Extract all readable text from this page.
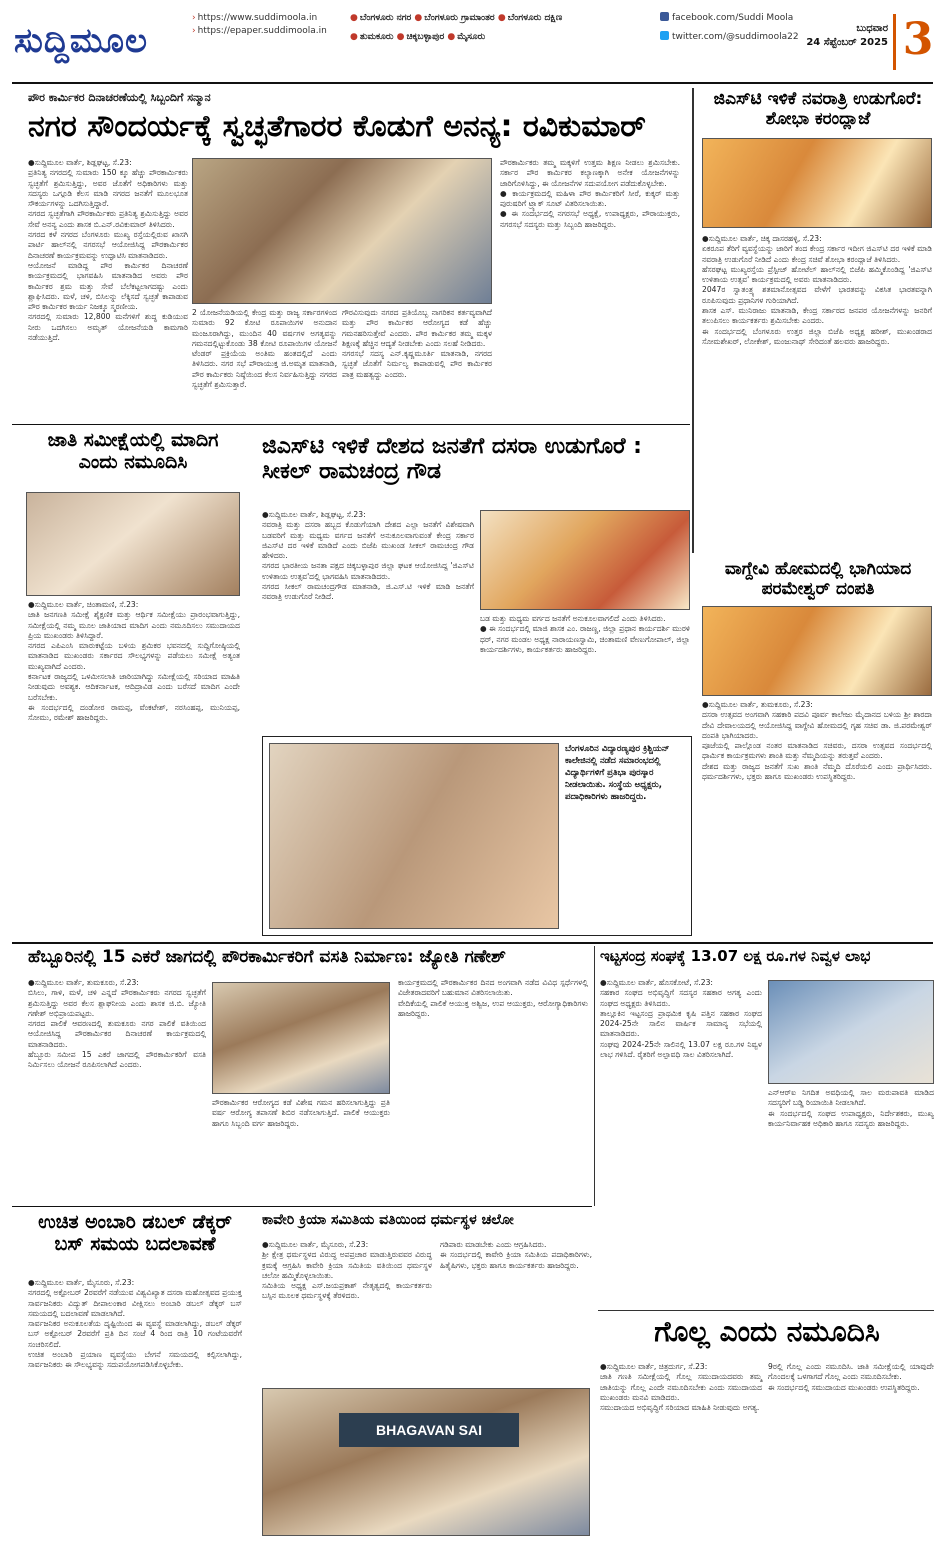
ಸುದ್ದಿಮೂಲ
› https://www.suddimoola.in
› https://epaper.suddimoola.in
● ಬೆಂಗಳೂರು ನಗರ ● ಬೆಂಗಳೂರು ಗ್ರಾಮಾಂತರ ● ಬೆಂಗಳೂರು ದಕ್ಷಿಣ
● ತುಮಕೂರು ● ಚಿಕ್ಕಬಳ್ಳಾಪುರ ● ಮೈಸೂರು
facebook.com/Suddi Moola
twitter.com/@suddimoola22
ಬುಧವಾರ
24 ಸೆಪ್ಟೆಂಬರ್ 2025 3
ಪೌರ ಕಾರ್ಮಿಕರ ದಿನಾಚರಣೆಯಲ್ಲಿ ಸಿಬ್ಬಂದಿಗೆ ಸನ್ಮಾನ
ನಗರ ಸೌಂದರ್ಯಕ್ಕೆ ಸ್ವಚ್ಛತೆಗಾರರ ಕೊಡುಗೆ ಅನನ್ಯ: ರವಿಕುಮಾರ್
●ಸುದ್ದಿಮೂಲ ವಾರ್ತೆ, ಶಿಡ್ಲಘಟ್ಟ, ಸೆ.23:
ಪ್ರತಿನಿತ್ಯ ನಗರದಲ್ಲಿ ಸುಮಾರು 150 ಕ್ಕೂ ಹೆಚ್ಚು ಪೌರಕಾರ್ಮಿಕರು ಸ್ವಚ್ಛತೆಗೆ ಶ್ರಮಿಸುತ್ತಿದ್ದು, ಅವರ ಜೊತೆಗೆ ಅಧಿಕಾರಿಗಳು ಮತ್ತು ಸದಸ್ಯರು ಒಗ್ಗೂಡಿ ಕೆಲಸ ಮಾಡಿ ನಗರದ ಜನತೆಗೆ ಮೂಲಭೂತ ಸೌಕರ್ಯಗಳನ್ನು ಒದಗಿಸುತ್ತಿದ್ದಾರೆ.
ನಗರದ ಸ್ವಚ್ಛತೆಗಾಗಿ ಪೌರಕಾರ್ಮಿಕರು ಪ್ರತಿನಿತ್ಯ ಶ್ರಮಿಸುತ್ತಿದ್ದು ಅವರ ಸೇವೆ ಅನನ್ಯ ಎಂದು ಶಾಸಕ ಬಿ.ಎನ್.ರವಿಕುಮಾರ್ ತಿಳಿಸಿದರು.
ನಗರದ ಕಳೆ ನಗರದ ಬೆಂಗಳೂರು ಮುಖ್ಯ ರಸ್ತೆಯಲ್ಲಿರುವ ಖಾಸಗಿ ಪಾರ್ಟಿ ಹಾಲ್‌ನಲ್ಲಿ ನಗರಸಭೆ ಆಯೋಜಿಸಿದ್ದ ಪೌರಕಾರ್ಮಿಕರ ದಿನಾಚರಣೆ ಕಾರ್ಯಕ್ರಮವನ್ನು ಉದ್ಘಾಟಿಸಿ ಮಾತನಾಡಿದರು.
ಆಯೋಜನೆ ಮಾಡಿದ್ದ ಪೌರ ಕಾರ್ಮಿಕರ ದಿನಾಚರಣೆ ಕಾರ್ಯಕ್ರಮದಲ್ಲಿ ಭಾಗವಹಿಸಿ ಮಾತನಾಡಿದ ಅವರು ಪೌರ ಕಾರ್ಮಿಕರ ಶ್ರಮ ಮತ್ತು ಸೇವೆ ಬೆಲೆಕಟ್ಟಲಾಗದಷ್ಟು ಎಂದು ಶ್ಲಾಘಿಸಿದರು. ಮಳೆ, ಚಳಿ, ಬಿಸಿಲನ್ನು ಲೆಕ್ಕಿಸದೆ ಸ್ವಚ್ಛತೆ ಕಾಪಾಡುವ ಪೌರ ಕಾರ್ಮಿಕರ ಕಾರ್ಯ ನಿಜಕ್ಕೂ ಸ್ಮರಣೀಯ.
ನಗರದಲ್ಲಿ ಸುಮಾರು 12,800 ಮನೆಗಳಿಗೆ ಶುದ್ಧ ಕುಡಿಯುವ ನೀರು ಒದಗಿಸಲು ಅಮೃತ್ ಯೋಜನೆಯಡಿ ಕಾಮಗಾರಿ ನಡೆಯುತ್ತಿದೆ.
2 ಯೋಜನೆಯಡಿಯಲ್ಲಿ ಕೇಂದ್ರ ಮತ್ತು ರಾಜ್ಯ ಸರ್ಕಾರಗಳಿಂದ ಸುಮಾರು 92 ಕೋಟಿ ರೂಪಾಯಿಗಳ ಅನುದಾನ ಮಂಜೂರಾಗಿದ್ದು, ಮುಂದಿನ 40 ವರ್ಷಗಳ ಅಗತ್ಯವನ್ನು ಗಮನದಲ್ಲಿಟ್ಟುಕೊಂಡು 38 ಕೋಟಿ ರೂಪಾಯಿಗಳ ಯೋಜನೆ ಟೆಂಡರ್ ಪ್ರಕ್ರಿಯೆಯ ಅಂತಿಮ ಹಂತದಲ್ಲಿದೆ ಎಂದು ತಿಳಿಸಿದರು. ನಗರ ಸಭೆ ಪೌರಾಯುಕ್ತ ಜಿ.ಅಮೃತ ಮಾತನಾಡಿ, ಪೌರ ಕಾರ್ಮಿಕರು ನಿಷ್ಠೆಯಿಂದ ಕೆಲಸ ನಿರ್ವಹಿಸುತ್ತಿದ್ದು ನಗರದ ಸ್ವಚ್ಛತೆಗೆ ಶ್ರಮಿಸುತ್ತಾರೆ.
ಗೌರವಿಸುವುದು ನಗರದ ಪ್ರತಿಯೊಬ್ಬ ನಾಗರಿಕನ ಕರ್ತವ್ಯವಾಗಿದೆ ಮತ್ತು ಪೌರ ಕಾರ್ಮಿಕರ ಆರೋಗ್ಯದ ಕಡೆ ಹೆಚ್ಚು ಗಮನಹರಿಸುತ್ತೇವೆ ಎಂದರು. ಪೌರ ಕಾರ್ಮಿಕರ ತಮ್ಮ ಮಕ್ಕಳ ಶಿಕ್ಷಣಕ್ಕೆ ಹೆಚ್ಚಿನ ಆದ್ಯತೆ ನೀಡಬೇಕು ಎಂದು ಸಲಹೆ ನೀಡಿದರು.
ನಗರಸಭೆ ಸದಸ್ಯ ಎನ್.ಕೃಷ್ಣಮೂರ್ತಿ ಮಾತನಾಡಿ, ನಗರದ ಸ್ವಚ್ಛತೆ ಜೊತೆಗೆ ನಿರ್ಮಲ್ಯ ಕಾಪಾಡುವಲ್ಲಿ ಪೌರ ಕಾರ್ಮಿಕರ ಪಾತ್ರ ಮಹತ್ವದ್ದು ಎಂದರು.
ಪೌರಕಾರ್ಮಿಕರು ತಮ್ಮ ಮಕ್ಕಳಿಗೆ ಉತ್ತಮ ಶಿಕ್ಷಣ ನೀಡಲು ಶ್ರಮಿಸಬೇಕು. ಸರ್ಕಾರ ಪೌರ ಕಾರ್ಮಿಕರ ಕಲ್ಯಾಣಕ್ಕಾಗಿ ಅನೇಕ ಯೋಜನೆಗಳನ್ನು ಜಾರಿಗೊಳಿಸಿದ್ದು, ಈ ಯೋಜನೆಗಳ ಸದುಪಯೋಗ ಪಡೆದುಕೊಳ್ಳಬೇಕು.
● ಕಾರ್ಯಕ್ರಮದಲ್ಲಿ ಮಹಿಳಾ ಪೌರ ಕಾರ್ಮಿಕರಿಗೆ ಸೀರೆ, ಕುಕ್ಕರ್ ಮತ್ತು ಪುರುಷರಿಗೆ ಟ್ರ್ಯಾಕ್ ಸೂಟ್ ವಿತರಿಸಲಾಯಿತು.
● ಈ ಸಂದರ್ಭದಲ್ಲಿ ನಗರಸಭೆ ಅಧ್ಯಕ್ಷೆ, ಉಪಾಧ್ಯಕ್ಷರು, ಪೌರಾಯುಕ್ತರು, ನಗರಸಭೆ ಸದಸ್ಯರು ಮತ್ತು ಸಿಬ್ಬಂದಿ ಹಾಜರಿದ್ದರು.
ಜಿಎಸ್‌ಟಿ ಇಳಿಕೆ ನವರಾತ್ರಿ ಉಡುಗೊರೆ: ಶೋಭಾ ಕರಂದ್ಲಾಜೆ
●ಸುದ್ದಿಮೂಲ ವಾರ್ತೆ, ಚಿಕ್ಕ ದಾಸರಹಳ್ಳಿ, ಸೆ.23:
ಏಕರೂಪ ತೆರಿಗೆ ವ್ಯವಸ್ಥೆಯನ್ನು ಜಾರಿಗೆ ತಂದ ಕೇಂದ್ರ ಸರ್ಕಾರ ಇದೀಗ ಜಿಎಸ್‌ಟಿ ದರ ಇಳಿಕೆ ಮಾಡಿ ನವರಾತ್ರಿ ಉಡುಗೊರೆ ನೀಡಿದೆ ಎಂದು ಕೇಂದ್ರ ಸಚಿವೆ ಶೋಭಾ ಕರಂದ್ಲಾಜೆ ತಿಳಿಸಿದರು.
ಹೆಸರಘಟ್ಟ ಮುಖ್ಯರಸ್ತೆಯ ಪ್ರೆಸ್ಟೀಜ್ ಹೋಟೆಲ್ ಹಾಲ್‌ನಲ್ಲಿ ಬಿಜೆಪಿ ಹಮ್ಮಿಕೊಂಡಿದ್ದ 'ಜಿಎಸ್‌ಟಿ ಉಳಿತಾಯ ಉತ್ಸವ' ಕಾರ್ಯಕ್ರಮದಲ್ಲಿ ಅವರು ಮಾತನಾಡಿದರು.
2047ರ ಸ್ವಾತಂತ್ರ್ಯ ಶತಮಾನೋತ್ಸವದ ವೇಳೆಗೆ ಭಾರತವನ್ನು ವಿಕಸಿತ ಭಾರತವನ್ನಾಗಿ ರೂಪಿಸುವುದು ಪ್ರಧಾನಿಗಳ ಗುರಿಯಾಗಿದೆ.
ಶಾಸಕ ಎಸ್. ಮುನಿರಾಜು ಮಾತನಾಡಿ, ಕೇಂದ್ರ ಸರ್ಕಾರದ ಜನಪರ ಯೋಜನೆಗಳನ್ನು ಜನರಿಗೆ ತಲುಪಿಸಲು ಕಾರ್ಯಕರ್ತರು ಶ್ರಮಿಸಬೇಕು ಎಂದರು.
ಈ ಸಂದರ್ಭದಲ್ಲಿ ಬೆಂಗಳೂರು ಉತ್ತರ ಜಿಲ್ಲಾ ಬಿಜೆಪಿ ಅಧ್ಯಕ್ಷ ಹರೀಶ್, ಮುಖಂಡರಾದ ಸೋಮಶೇಖರ್, ಲೋಕೇಶ್, ಮಂಜುನಾಥ್ ಸೇರಿದಂತೆ ಹಲವರು ಹಾಜರಿದ್ದರು.
ಜಾತಿ ಸಮೀಕ್ಷೆಯಲ್ಲಿ ಮಾದಿಗ ಎಂದು ನಮೂದಿಸಿ
●ಸುದ್ದಿಮೂಲ ವಾರ್ತೆ, ಚಿಂತಾಮಣಿ, ಸೆ.23:
ಜಾತಿ ಜನಗಣತಿ ಸಮೀಕ್ಷೆ ಶೈಕ್ಷಣಿಕ ಮತ್ತು ಆರ್ಥಿಕ ಸಮೀಕ್ಷೆಯು ಪ್ರಾರಂಭವಾಗುತ್ತಿದ್ದು, ಸಮೀಕ್ಷೆಯಲ್ಲಿ ನಮ್ಮ ಮೂಲ ಜಾತಿಯಾದ ಮಾದಿಗ ಎಂದು ನಮೂದಿಸಲು ಸಮುದಾಯದ ಪ್ರಿಯ ಮುಖಂಡರು ತಿಳಿಸಿದ್ದಾರೆ.
ನಗರದ ಎಪಿಎಂಸಿ ಮಾರುಕಟ್ಟೆಯ ಬಳಿಯ ಶ್ರಮಿಕರ ಭವನದಲ್ಲಿ ಸುದ್ದಿಗೋಷ್ಠಿಯಲ್ಲಿ ಮಾತನಾಡಿದ ಮುಖಂಡರು ಸರ್ಕಾರದ ಸೌಲಭ್ಯಗಳನ್ನು ಪಡೆಯಲು ಸಮೀಕ್ಷೆ ಅತ್ಯಂತ ಮುಖ್ಯವಾಗಿದೆ ಎಂದರು.
ಕರ್ನಾಟಕ ರಾಜ್ಯದಲ್ಲಿ ಒಳಮೀಸಲಾತಿ ಜಾರಿಯಾಗಿದ್ದು ಸಮೀಕ್ಷೆಯಲ್ಲಿ ಸರಿಯಾದ ಮಾಹಿತಿ ನೀಡುವುದು ಅವಶ್ಯಕ. ಆದಿಕರ್ನಾಟಕ, ಆದಿದ್ರಾವಿಡ ಎಂದು ಬರೆಸದೆ ಮಾದಿಗ ಎಂದೇ ಬರೆಸಬೇಕು.
ಈ ಸಂದರ್ಭದಲ್ಲಿ ದಂಡೋರ ರಾಮಪ್ಪ, ವೆಂಕಟೇಶ್, ನರಸಿಂಹಪ್ಪ, ಮುನಿಯಪ್ಪ, ಸೋಮು, ರಮೇಶ್ ಹಾಜರಿದ್ದರು.
ಜಿಎಸ್‌ಟಿ ಇಳಿಕೆ ದೇಶದ ಜನತೆಗೆ ದಸರಾ ಉಡುಗೊರೆ : ಸೀಕಲ್ ರಾಮಚಂದ್ರ ಗೌಡ
●ಸುದ್ದಿಮೂಲ ವಾರ್ತೆ, ಶಿಡ್ಲಘಟ್ಟ, ಸೆ.23:
ನವರಾತ್ರಿ ಮತ್ತು ದಸರಾ ಹಬ್ಬದ ಕೊಡುಗೆಯಾಗಿ ದೇಶದ ಎಲ್ಲಾ ಜನತೆಗೆ ವಿಶೇಷವಾಗಿ ಬಡವರಿಗೆ ಮತ್ತು ಮಧ್ಯಮ ವರ್ಗದ ಜನತೆಗೆ ಅನುಕೂಲವಾಗುವಂತೆ ಕೇಂದ್ರ ಸರ್ಕಾರ ಜಿಎಸ್‌ಟಿ ದರ ಇಳಿಕೆ ಮಾಡಿದೆ ಎಂದು ಬಿಜೆಪಿ ಮುಖಂಡ ಸೀಕಲ್ ರಾಮಚಂದ್ರ ಗೌಡ ಹೇಳಿದರು.
ನಗರದ ಭಾರತೀಯ ಜನತಾ ಪಕ್ಷದ ಚಿಕ್ಕಬಳ್ಳಾಪುರ ಜಿಲ್ಲಾ ಘಟಕ ಆಯೋಜಿಸಿದ್ದ 'ಜಿಎಸ್‌ಟಿ ಉಳಿತಾಯ ಉತ್ಸವ'ದಲ್ಲಿ ಭಾಗವಹಿಸಿ ಮಾತನಾಡಿದರು.
ನಗರದ ಸೀಕಲ್ ರಾಮಚಂದ್ರಗೌಡ ಮಾತನಾಡಿ, ಜಿ.ಎಸ್.ಟಿ ಇಳಿಕೆ ಮಾಡಿ ಜನತೆಗೆ ನವರಾತ್ರಿ ಉಡುಗೊರೆ ನೀಡಿದೆ.
ಬಡ ಮತ್ತು ಮಧ್ಯಮ ವರ್ಗದ ಜನತೆಗೆ ಅನುಕೂಲವಾಗಲಿದೆ ಎಂದು ತಿಳಿಸಿದರು.
● ಈ ಸಂದರ್ಭದಲ್ಲಿ ಮಾಜಿ ಶಾಸಕ ಎಂ. ರಾಜಣ್ಣ, ಜಿಲ್ಲಾ ಪ್ರಧಾನ ಕಾರ್ಯದರ್ಶಿ ಮುರಳಿ ಧರ್, ನಗರ ಮಂಡಲ ಅಧ್ಯಕ್ಷ ನಾರಾಯಣಸ್ವಾಮಿ, ಚಿಂತಾಮಣಿ ವೇಣುಗೋಪಾಲ್, ಜಿಲ್ಲಾ ಕಾರ್ಯದರ್ಶಿಗಳು, ಕಾರ್ಯಕರ್ತರು ಹಾಜರಿದ್ದರು.
ಬೆಂಗಳೂರಿನ ವಿದ್ಯಾರಣ್ಯಪುರ ಕ್ರಿಶ್ಚಿಯನ್ ಕಾಲೇಜಿನಲ್ಲಿ ನಡೆದ ಸಮಾರಂಭದಲ್ಲಿ ವಿದ್ಯಾರ್ಥಿಗಳಿಗೆ ಪ್ರತಿಭಾ ಪುರಸ್ಕಾರ ನೀಡಲಾಯಿತು. ಸಂಸ್ಥೆಯ ಅಧ್ಯಕ್ಷರು, ಪದಾಧಿಕಾರಿಗಳು ಹಾಜರಿದ್ದರು.
ವಾಗ್ದೇವಿ ಹೋಮದಲ್ಲಿ ಭಾಗಿಯಾದ ಪರಮೇಶ್ವರ್ ದಂಪತಿ
●ಸುದ್ದಿಮೂಲ ವಾರ್ತೆ, ತುಮಕೂರು, ಸೆ.23:
ದಸರಾ ಉತ್ಸವದ ಅಂಗವಾಗಿ ಸಹಕಾರಿ ಪದವಿ ಪೂರ್ವ ಕಾಲೇಜು ಮೈದಾನದ ಬಳಿಯ ಶ್ರೀ ಶಾರದಾ ದೇವಿ ದೇವಾಲಯದಲ್ಲಿ ಆಯೋಜಿಸಿದ್ದ ವಾಗ್ದೇವಿ ಹೋಮದಲ್ಲಿ ಗೃಹ ಸಚಿವ ಡಾ. ಜಿ.ಪರಮೇಶ್ವರ್ ದಂಪತಿ ಭಾಗಿಯಾದರು.
ಪೂಜೆಯಲ್ಲಿ ಪಾಲ್ಗೊಂಡ ನಂತರ ಮಾತನಾಡಿದ ಸಚಿವರು, ದಸರಾ ಉತ್ಸವದ ಸಂದರ್ಭದಲ್ಲಿ ಧಾರ್ಮಿಕ ಕಾರ್ಯಕ್ರಮಗಳು ಶಾಂತಿ ಮತ್ತು ನೆಮ್ಮದಿಯನ್ನು ತರುತ್ತವೆ ಎಂದರು.
ದೇಶದ ಮತ್ತು ರಾಜ್ಯದ ಜನತೆಗೆ ಸುಖ ಶಾಂತಿ ನೆಮ್ಮದಿ ದೊರೆಯಲಿ ಎಂದು ಪ್ರಾರ್ಥಿಸಿದರು. ಧರ್ಮದರ್ಶಿಗಳು, ಭಕ್ತರು ಹಾಗೂ ಮುಖಂಡರು ಉಪಸ್ಥಿತರಿದ್ದರು.
ಹೆಬ್ಬೂರಿನಲ್ಲಿ 15 ಎಕರೆ ಜಾಗದಲ್ಲಿ ಪೌರಕಾರ್ಮಿಕರಿಗೆ ವಸತಿ ನಿರ್ಮಾಣ: ಜ್ಯೋತಿ ಗಣೇಶ್
●ಸುದ್ದಿಮೂಲ ವಾರ್ತೆ, ತುಮಕೂರು, ಸೆ.23:
ಬಿಸಿಲು, ಗಾಳಿ, ಮಳೆ, ಚಳಿ ಎನ್ನದೆ ಪೌರಕಾರ್ಮಿಕರು ನಗರದ ಸ್ವಚ್ಛತೆಗೆ ಶ್ರಮಿಸುತ್ತಿದ್ದು ಅವರ ಕೆಲಸ ಶ್ಲಾಘನೀಯ ಎಂದು ಶಾಸಕ ಜಿ.ಬಿ. ಜ್ಯೋತಿ ಗಣೇಶ್ ಅಭಿಪ್ರಾಯಪಟ್ಟರು.
ನಗರದ ಪಾಲಿಕೆ ಆವರಣದಲ್ಲಿ ತುಮಕೂರು ನಗರ ಪಾಲಿಕೆ ವತಿಯಿಂದ ಆಯೋಜಿಸಿದ್ದ ಪೌರಕಾರ್ಮಿಕರ ದಿನಾಚರಣೆ ಕಾರ್ಯಕ್ರಮದಲ್ಲಿ ಮಾತನಾಡಿದರು.
ಹೆಬ್ಬೂರು ಸಮೀಪ 15 ಎಕರೆ ಜಾಗದಲ್ಲಿ ಪೌರಕಾರ್ಮಿಕರಿಗೆ ವಸತಿ ನಿರ್ಮಿಸಲು ಯೋಜನೆ ರೂಪಿಸಲಾಗಿದೆ ಎಂದರು.
ಪೌರಕಾರ್ಮಿಕರ ಆರೋಗ್ಯದ ಕಡೆ ವಿಶೇಷ ಗಮನ ಹರಿಸಲಾಗುತ್ತಿದ್ದು ಪ್ರತಿ ವರ್ಷ ಆರೋಗ್ಯ ತಪಾಸಣೆ ಶಿಬಿರ ನಡೆಸಲಾಗುತ್ತಿದೆ. ಪಾಲಿಕೆ ಆಯುಕ್ತರು ಹಾಗೂ ಸಿಬ್ಬಂದಿ ವರ್ಗ ಹಾಜರಿದ್ದರು.
ಕಾರ್ಯಕ್ರಮದಲ್ಲಿ ಪೌರಕಾರ್ಮಿಕರ ದಿನದ ಅಂಗವಾಗಿ ನಡೆದ ವಿವಿಧ ಸ್ಪರ್ಧೆಗಳಲ್ಲಿ ವಿಜೇತರಾದವರಿಗೆ ಬಹುಮಾನ ವಿತರಿಸಲಾಯಿತು.
ವೇದಿಕೆಯಲ್ಲಿ ಪಾಲಿಕೆ ಆಯುಕ್ತ ಅಶ್ವಿಜ, ಉಪ ಆಯುಕ್ತರು, ಆರೋಗ್ಯಾಧಿಕಾರಿಗಳು ಹಾಜರಿದ್ದರು.
ಇಟ್ಟಸಂದ್ರ ಸಂಘಕ್ಕೆ 13.07 ಲಕ್ಷ ರೂ.ಗಳ ನಿವ್ವಳ ಲಾಭ
●ಸುದ್ದಿಮೂಲ ವಾರ್ತೆ, ಹೊಸಕೋಟೆ, ಸೆ.23:
ಸಹಕಾರ ಸಂಘದ ಅಭಿವೃದ್ಧಿಗೆ ಸದಸ್ಯರ ಸಹಕಾರ ಅಗತ್ಯ ಎಂದು ಸಂಘದ ಅಧ್ಯಕ್ಷರು ತಿಳಿಸಿದರು.
ತಾಲ್ಲೂಕಿನ ಇಟ್ಟಸಂದ್ರ ಪ್ರಾಥಮಿಕ ಕೃಷಿ ಪತ್ತಿನ ಸಹಕಾರ ಸಂಘದ 2024-25ನೇ ಸಾಲಿನ ವಾರ್ಷಿಕ ಸಾಮಾನ್ಯ ಸಭೆಯಲ್ಲಿ ಮಾತನಾಡಿದರು.
ಸಂಘವು 2024-25ನೇ ಸಾಲಿನಲ್ಲಿ 13.07 ಲಕ್ಷ ರೂ.ಗಳ ನಿವ್ವಳ ಲಾಭ ಗಳಿಸಿದೆ. ರೈತರಿಗೆ ಅಲ್ಪಾವಧಿ ಸಾಲ ವಿತರಿಸಲಾಗಿದೆ.
ಎನ್‌ಆರ್‌ಐ ನಿಗದಿತ ಅವಧಿಯಲ್ಲಿ ಸಾಲ ಮರುಪಾವತಿ ಮಾಡಿದ ಸದಸ್ಯರಿಗೆ ಬಡ್ಡಿ ರಿಯಾಯಿತಿ ನೀಡಲಾಗಿದೆ.
ಈ ಸಂದರ್ಭದಲ್ಲಿ ಸಂಘದ ಉಪಾಧ್ಯಕ್ಷರು, ನಿರ್ದೇಶಕರು, ಮುಖ್ಯ ಕಾರ್ಯನಿರ್ವಾಹಕ ಅಧಿಕಾರಿ ಹಾಗೂ ಸದಸ್ಯರು ಹಾಜರಿದ್ದರು.
ಉಚಿತ ಅಂಬಾರಿ ಡಬಲ್ ಡೆಕ್ಕರ್ ಬಸ್ ಸಮಯ ಬದಲಾವಣೆ
●ಸುದ್ದಿಮೂಲ ವಾರ್ತೆ, ಮೈಸೂರು, ಸೆ.23:
ನಗರದಲ್ಲಿ ಅಕ್ಟೋಬರ್ 2ರವರೆಗೆ ನಡೆಯುವ ವಿಶ್ವವಿಖ್ಯಾತ ದಸರಾ ಮಹೋತ್ಸವದ ಪ್ರಯುಕ್ತ ಸಾರ್ವಜನಿಕರು ವಿದ್ಯುತ್ ದೀಪಾಲಂಕಾರ ವೀಕ್ಷಿಸಲು ಅಂಬಾರಿ ಡಬಲ್ ಡೆಕ್ಕರ್ ಬಸ್ ಸಮಯದಲ್ಲಿ ಬದಲಾವಣೆ ಮಾಡಲಾಗಿದೆ.
ಸಾರ್ವಜನಿಕರ ಅನುಕೂಲತೆಯ ದೃಷ್ಟಿಯಿಂದ ಈ ವ್ಯವಸ್ಥೆ ಮಾಡಲಾಗಿದ್ದು, ಡಬಲ್ ಡೆಕ್ಕರ್ ಬಸ್ ಅಕ್ಟೋಬರ್ 2ರವರೆಗೆ ಪ್ರತಿ ದಿನ ಸಂಜೆ 4 ರಿಂದ ರಾತ್ರಿ 10 ಗಂಟೆಯವರೆಗೆ ಸಂಚರಿಸಲಿದೆ.
ಉಚಿತ ಅಂಬಾರಿ ಪ್ರಯಾಣ ವ್ಯವಸ್ಥೆಯು ಬೇಗನೆ ಸಮಯದಲ್ಲಿ ಕಲ್ಪಿಸಲಾಗಿದ್ದು, ಸಾರ್ವಜನಿಕರು ಈ ಸೌಲಭ್ಯವನ್ನು ಸದುಪಯೋಗಪಡಿಸಿಕೊಳ್ಳಬೇಕು.
ಕಾವೇರಿ ಕ್ರಿಯಾ ಸಮಿತಿಯ ವತಿಯಿಂದ ಧರ್ಮಸ್ಥಳ ಚಲೋ
●ಸುದ್ದಿಮೂಲ ವಾರ್ತೆ, ಮೈಸೂರು, ಸೆ.23:
ಶ್ರೀ ಕ್ಷೇತ್ರ ಧರ್ಮಸ್ಥಳದ ವಿರುದ್ಧ ಅಪಪ್ರಚಾರ ಮಾಡುತ್ತಿರುವವರ ವಿರುದ್ಧ ಕ್ರಮಕ್ಕೆ ಆಗ್ರಹಿಸಿ ಕಾವೇರಿ ಕ್ರಿಯಾ ಸಮಿತಿಯ ವತಿಯಿಂದ ಧರ್ಮಸ್ಥಳ ಚಲೋ ಹಮ್ಮಿಕೊಳ್ಳಲಾಯಿತು.
ಸಮಿತಿಯ ಅಧ್ಯಕ್ಷ ಎಸ್.ಜಯಪ್ರಕಾಶ್ ನೇತೃತ್ವದಲ್ಲಿ ಕಾರ್ಯಕರ್ತರು ಬಸ್ಸಿನ ಮೂಲಕ ಧರ್ಮಸ್ಥಳಕ್ಕೆ ತೆರಳಿದರು.
ಗಡಿಪಾರು ಮಾಡಬೇಕು ಎಂದು ಆಗ್ರಹಿಸಿದರು.
ಈ ಸಂದರ್ಭದಲ್ಲಿ ಕಾವೇರಿ ಕ್ರಿಯಾ ಸಮಿತಿಯ ಪದಾಧಿಕಾರಿಗಳು, ಹಿತೈಷಿಗಳು, ಭಕ್ತರು ಹಾಗೂ ಕಾರ್ಯಕರ್ತರು ಹಾಜರಿದ್ದರು.
BHAGAVAN SAI
ಗೊಲ್ಲ ಎಂದು ನಮೂದಿಸಿ
●ಸುದ್ದಿಮೂಲ ವಾರ್ತೆ, ಚಿತ್ರದುರ್ಗ, ಸೆ.23:
ಜಾತಿ ಗಣತಿ ಸಮೀಕ್ಷೆಯಲ್ಲಿ ಗೊಲ್ಲ ಸಮುದಾಯದವರು ತಮ್ಮ ಜಾತಿಯನ್ನು ಗೊಲ್ಲ ಎಂದೇ ನಮೂದಿಸಬೇಕು ಎಂದು ಸಮುದಾಯದ ಮುಖಂಡರು ಮನವಿ ಮಾಡಿದರು.
ಸಮುದಾಯದ ಅಭಿವೃದ್ಧಿಗೆ ಸರಿಯಾದ ಮಾಹಿತಿ ನೀಡುವುದು ಅಗತ್ಯ.
9ರಲ್ಲಿ ಗೊಲ್ಲ ಎಂದು ನಮೂದಿಸಿ. ಜಾತಿ ಸಮೀಕ್ಷೆಯಲ್ಲಿ ಯಾವುದೇ ಗೊಂದಲಕ್ಕೆ ಒಳಗಾಗದೆ ಗೊಲ್ಲ ಎಂದು ನಮೂದಿಸಬೇಕು.
ಈ ಸಂದರ್ಭದಲ್ಲಿ ಸಮುದಾಯದ ಮುಖಂಡರು ಉಪಸ್ಥಿತರಿದ್ದರು.
